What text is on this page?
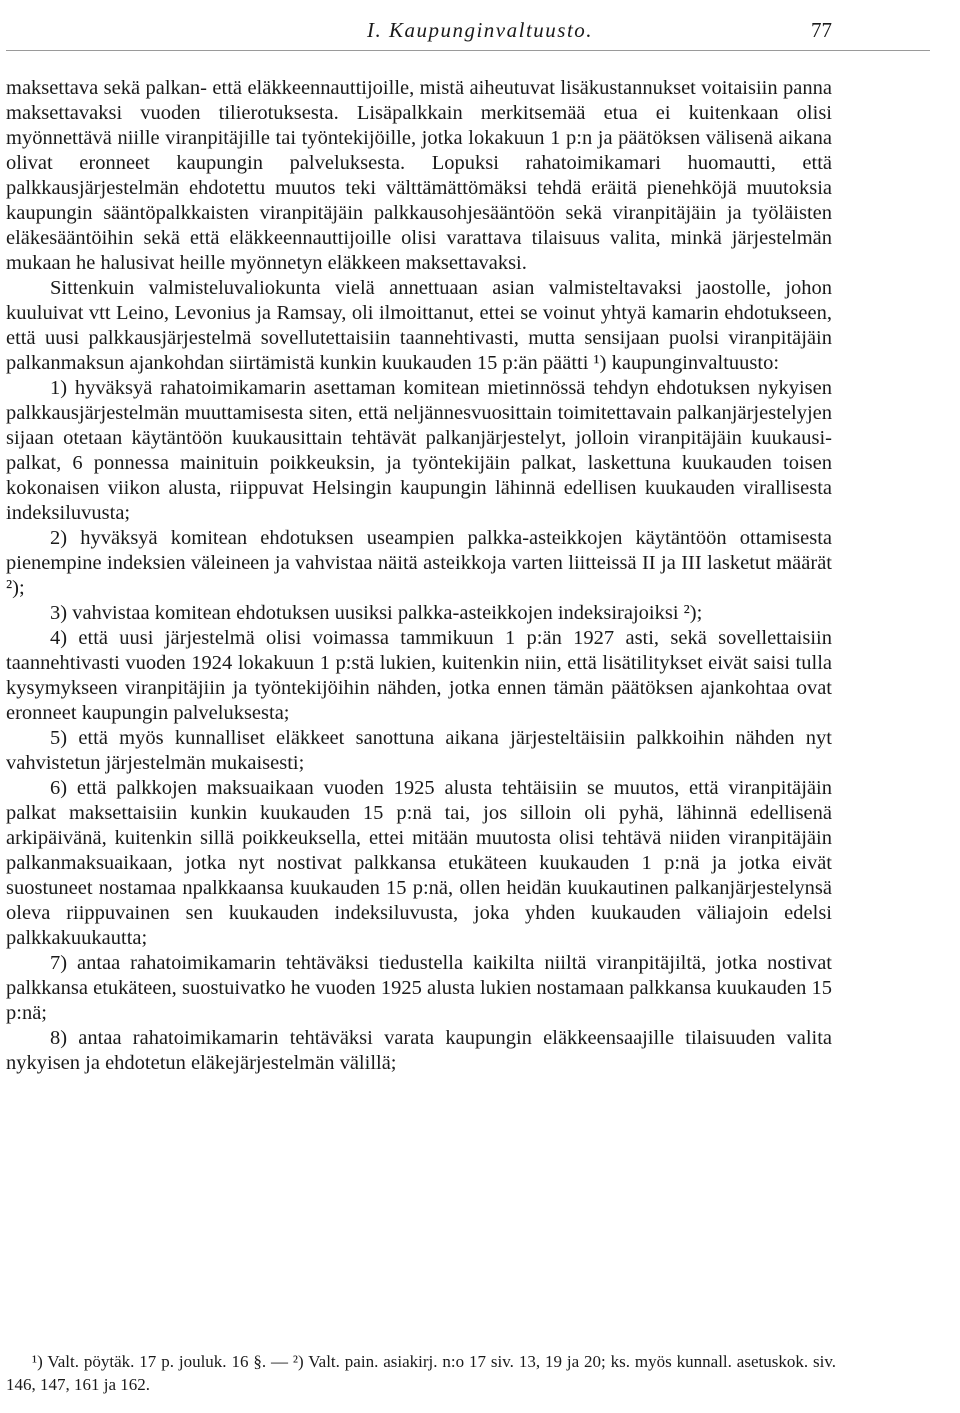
I. Kaupunginvaltuusto.	77

maksettava sekä palkan- että eläkkeennauttijoille, mistä aiheutuvat lisäkustannukset voitaisiin panna maksettavaksi vuoden tilierotuksesta. Lisäpalkkain merkitsemää etua ei kuitenkaan olisi myönnettävä niille viranpitäjille tai työntekijöille, jotka lokakuun 1 p:n ja päätöksen välisenä aikana olivat eronneet kaupungin palveluksesta. Lopuksi rahatoimikamari huomautti, että palkkausjärjestelmän ehdotettu muutos teki välttämättömäksi tehdä eräitä pienehköjä muutoksia kaupungin sääntöpalkkaisten viranpitäjäin palkkausohjesääntöön sekä viranpitäjäin ja työläisten eläkesääntöihin sekä että eläkkeennauttijoille olisi varattava tilaisuus valita, minkä järjestelmän mukaan he halusivat heille myönnetyn eläkkeen maksettavaksi.

Sittenkuin valmisteluvaliokunta vielä annettuaan asian valmisteltavaksi jaostolle, johon kuuluivat vtt Leino, Levonius ja Ramsay, oli ilmoittanut, ettei se voinut yhtyä kamarin ehdotukseen, että uusi palkkausjärjestelmä sovellutettaisiin taannehtivasti, mutta sensijaan puolsi viranpitäjäin palkanmaksun ajankohdan siirtämistä kunkin kuukauden 15 p:än päätti ¹) kaupunginvaltuusto:

1) hyväksyä rahatoimikamarin asettaman komitean mietinnössä tehdyn ehdotuksen nykyisen palkkausjärjestelmän muuttamisesta siten, että neljännesvuosittain toimitettavain palkanjärjestelyjen sijaan otetaan käytäntöön kuukausittain tehtävät palkanjärjestelyt, jolloin viranpitäjäin kuukausipalkat, 6 ponnessa mainituin poikkeuksin, ja työntekijäin palkat, laskettuna kuukauden toisen kokonaisen viikon alusta, riippuvat Helsingin kaupungin lähinnä edellisen kuukauden virallisesta indeksiluvusta;

2) hyväksyä komitean ehdotuksen useampien palkka-asteikkojen käytäntöön ottamisesta pienempine indeksien väleineen ja vahvistaa näitä asteikkoja varten liitteissä II ja III lasketut määrät ²);

3) vahvistaa komitean ehdotuksen uusiksi palkka-asteikkojen indeksirajoiksi ²);

4) että uusi järjestelmä olisi voimassa tammikuun 1 p:än 1927 asti, sekä sovellettaisiin taannehtivasti vuoden 1924 lokakuun 1 p:stä lukien, kuitenkin niin, että lisätilitykset eivät saisi tulla kysymykseen viranpitäjiin ja työntekijöihin nähden, jotka ennen tämän päätöksen ajankohtaa ovat eronneet kaupungin palveluksesta;

5) että myös kunnalliset eläkkeet sanottuna aikana järjesteltäisiin palkkoihin nähden nyt vahvistetun järjestelmän mukaisesti;

6) että palkkojen maksuaikaan vuoden 1925 alusta tehtäisiin se muutos, että viranpitäjäin palkat maksettaisiin kunkin kuukauden 15 p:nä tai, jos silloin oli pyhä, lähinnä edellisenä arkipäivänä, kuitenkin sillä poikkeuksella, ettei mitään muutosta olisi tehtävä niiden viranpitäjäin palkanmaksuaikaan, jotka nyt nostivat palkkansa etukäteen kuukauden 1 p:nä ja jotka eivät suostuneet nostamaa npalkkaansa kuukauden 15 p:nä, ollen heidän kuukautinen palkanjärjestelynsä oleva riippuvainen sen kuukauden indeksiluvusta, joka yhden kuukauden väliajoin edelsi palkkakuukautta;

7) antaa rahatoimikamarin tehtäväksi tiedustella kaikilta niiltä viranpitäjiltä, jotka nostivat palkkansa etukäteen, suostuivatko he vuoden 1925 alusta lukien nostamaan palkkansa kuukauden 15 p:nä;

8) antaa rahatoimikamarin tehtäväksi varata kaupungin eläkkeensaajille tilaisuuden valita nykyisen ja ehdotetun eläkejärjestelmän välillä;

¹) Valt. pöytäk. 17 p. jouluk. 16 §. — ²) Valt. pain. asiakirj. n:o 17 siv. 13, 19 ja 20; ks. myös kunnall. asetuskok. siv. 146, 147, 161 ja 162.
